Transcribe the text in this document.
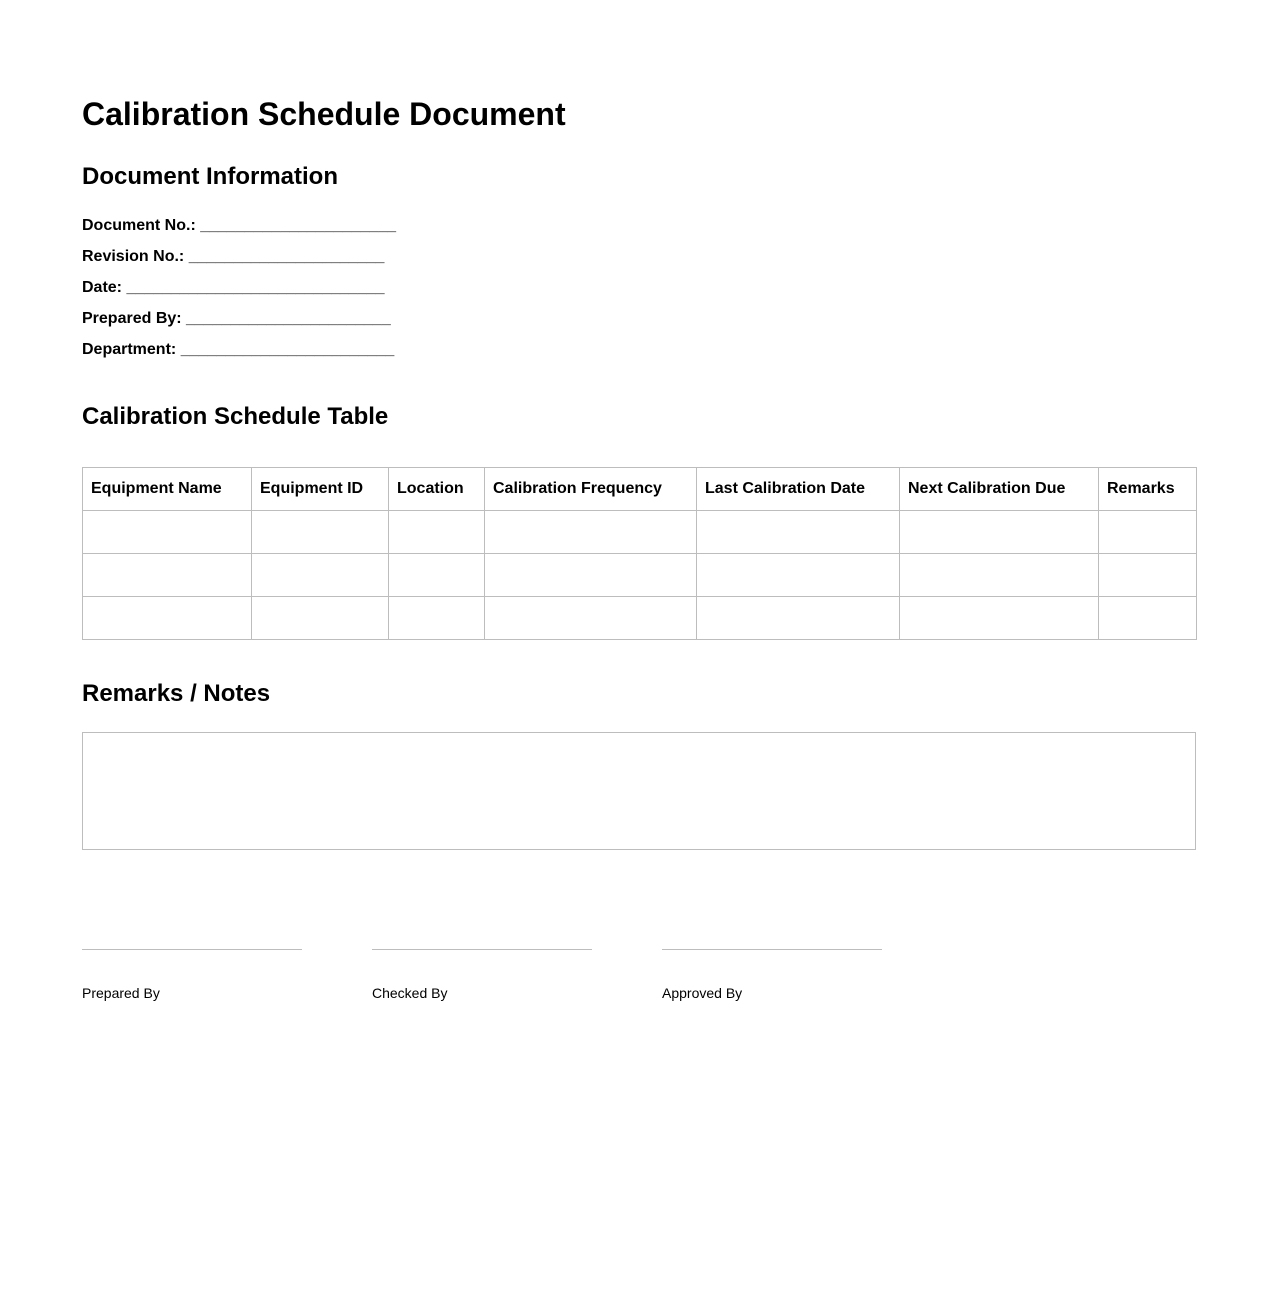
Calibration Schedule Document
Document Information
Document No.: ______________________
Revision No.: ______________________
Date: _____________________________
Prepared By: _______________________
Department: ________________________
Calibration Schedule Table
Equipment Name	Equipment ID	Location	Calibration Frequency	Last Calibration Date	Next Calibration Due	Remarks

Remarks / Notes
Prepared By	Checked By	Approved By
